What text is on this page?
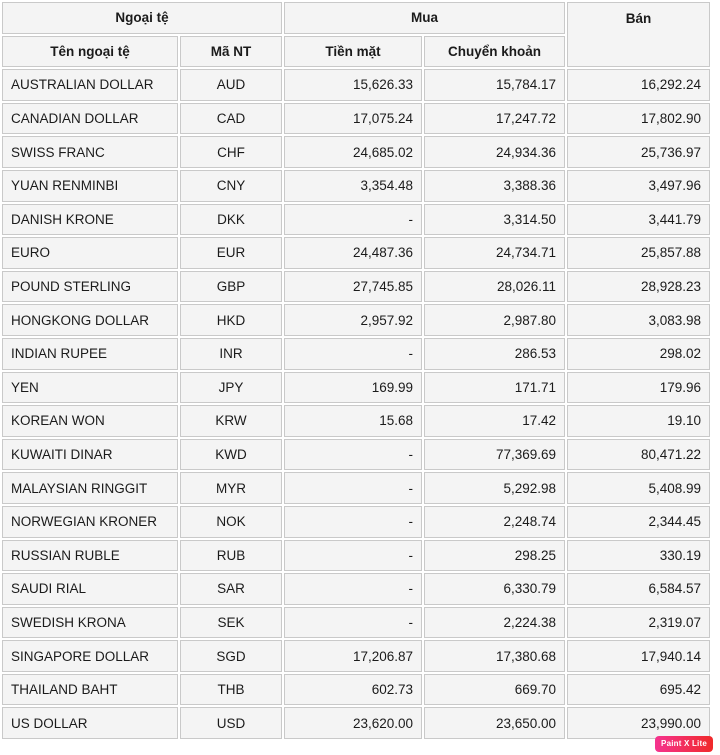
Ngoại tệ		Mua		Bán
Tên ngoại tệ	Mã NT	Tiền mặt	Chuyển khoản	
AUSTRALIAN DOLLAR	AUD	15,626.33	15,784.17	16,292.24
CANADIAN DOLLAR	CAD	17,075.24	17,247.72	17,802.90
SWISS FRANC	CHF	24,685.02	24,934.36	25,736.97
YUAN RENMINBI	CNY	3,354.48	3,388.36	3,497.96
DANISH KRONE	DKK	-	3,314.50	3,441.79
EURO	EUR	24,487.36	24,734.71	25,857.88
POUND STERLING	GBP	27,745.85	28,026.11	28,928.23
HONGKONG DOLLAR	HKD	2,957.92	2,987.80	3,083.98
INDIAN RUPEE	INR	-	286.53	298.02
YEN	JPY	169.99	171.71	179.96
KOREAN WON	KRW	15.68	17.42	19.10
KUWAITI DINAR	KWD	-	77,369.69	80,471.22
MALAYSIAN RINGGIT	MYR	-	5,292.98	5,408.99
NORWEGIAN KRONER	NOK	-	2,248.74	2,344.45
RUSSIAN RUBLE	RUB	-	298.25	330.19
SAUDI RIAL	SAR	-	6,330.79	6,584.57
SWEDISH KRONA	SEK	-	2,224.38	2,319.07
SINGAPORE DOLLAR	SGD	17,206.87	17,380.68	17,940.14
THAILAND BAHT	THB	602.73	669.70	695.42
US DOLLAR	USD	23,620.00	23,650.00	23,990.00
Paint X Lite
